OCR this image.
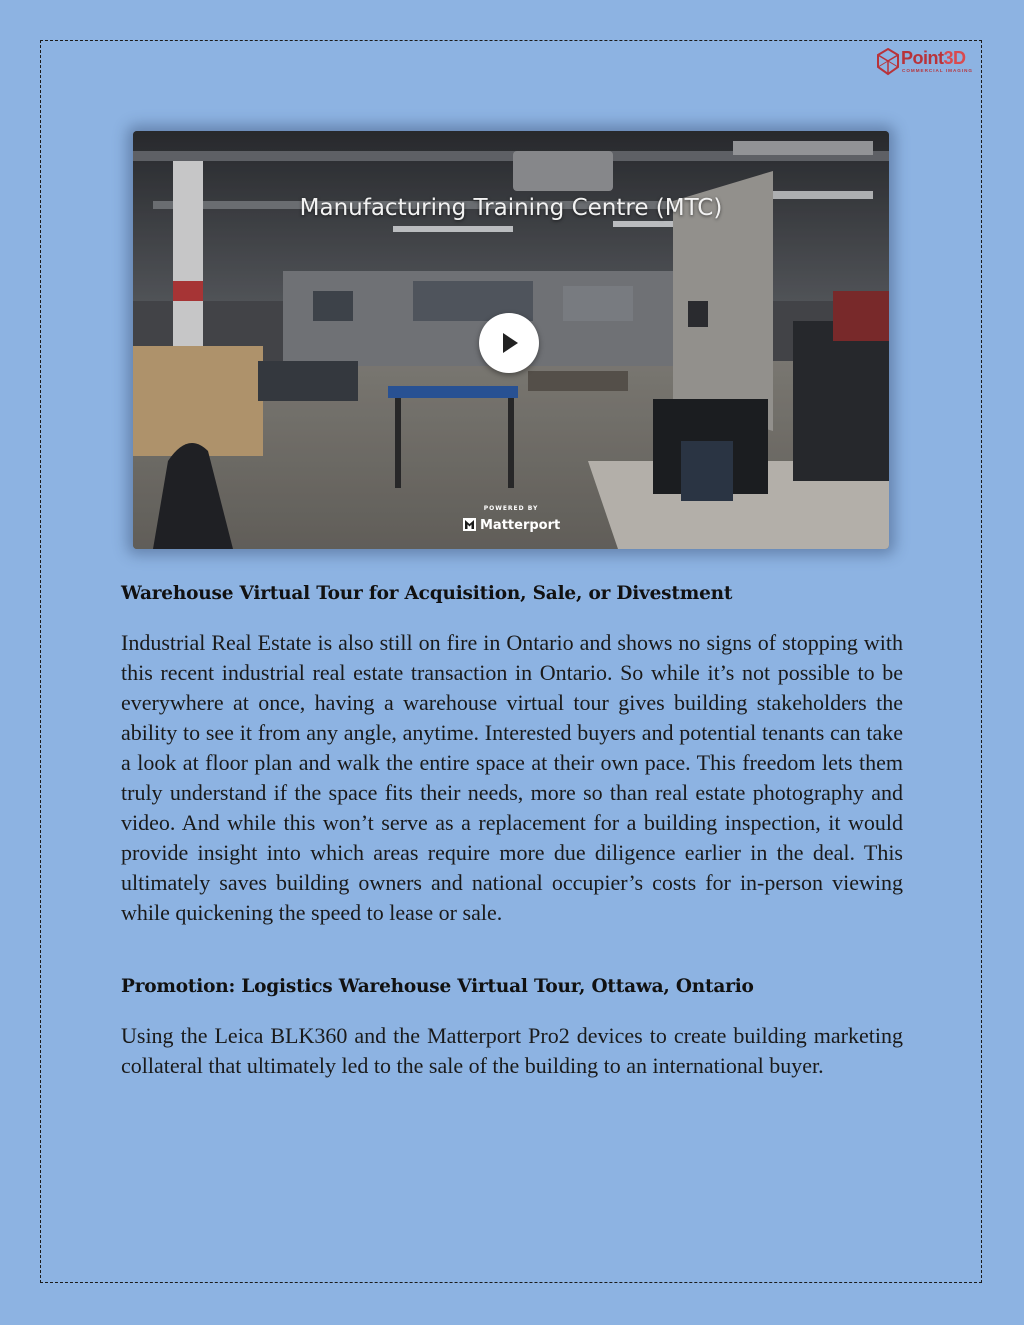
Point3D
COMMERCIAL IMAGING
Manufacturing Training Centre (MTC)
POWERED BY
Matterport
Warehouse Virtual Tour for Acquisition, Sale, or Divestment

Industrial Real Estate is also still on fire in Ontario and shows no signs of stopping with this recent industrial real estate transaction in Ontario. So while it’s not possible to be everywhere at once, having a warehouse virtual tour gives building stakeholders the ability to see it from any angle, anytime. Interested buyers and potential tenants can take a look at floor plan and walk the entire space at their own pace. This freedom lets them truly understand if the space fits their needs, more so than real estate photography and video. And while this won’t serve as a replacement for a building inspection, it would provide insight into which areas require more due diligence earlier in the deal. This ultimately saves building owners and national occupier’s costs for in-person viewing while quickening the speed to lease or sale.

Promotion: Logistics Warehouse Virtual Tour, Ottawa, Ontario

Using the Leica BLK360 and the Matterport Pro2 devices to create building marketing collateral that ultimately led to the sale of the building to an international buyer.
